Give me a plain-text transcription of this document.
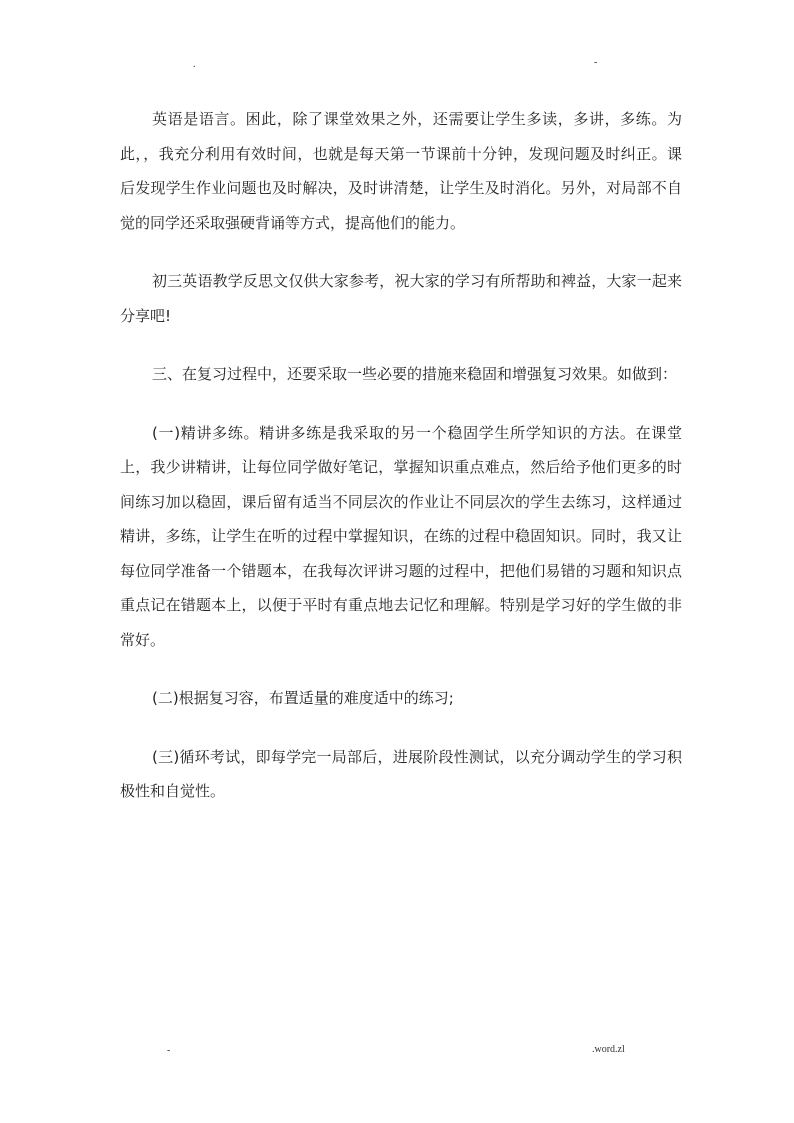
.	-

英语是语言。困此，除了课堂效果之外，还需要让学生多读，多讲，多练。为此，，我充分利用有效时间，也就是每天第一节课前十分钟，发现问题及时纠正。课后发现学生作业问题也及时解决，及时讲清楚，让学生及时消化。另外，对局部不自觉的同学还采取强硬背诵等方式，提高他们的能力。

初三英语教学反思文仅供大家参考，祝大家的学习有所帮助和裨益，大家一起来分享吧!

三、在复习过程中，还要采取一些必要的措施来稳固和增强复习效果。如做到：

(一)精讲多练。精讲多练是我采取的另一个稳固学生所学知识的方法。在课堂上，我少讲精讲，让每位同学做好笔记，掌握知识重点难点，然后给予他们更多的时间练习加以稳固，课后留有适当不同层次的作业让不同层次的学生去练习，这样通过精讲，多练，让学生在听的过程中掌握知识，在练的过程中稳固知识。同时，我又让每位同学准备一个错题本，在我每次评讲习题的过程中，把他们易错的习题和知识点重点记在错题本上，以便于平时有重点地去记忆和理解。特别是学习好的学生做的非常好。

(二)根据复习容，布置适量的难度适中的练习;

(三)循环考试，即每学完一局部后，进展阶段性测试，以充分调动学生的学习积极性和自觉性。

-	.word.zl
